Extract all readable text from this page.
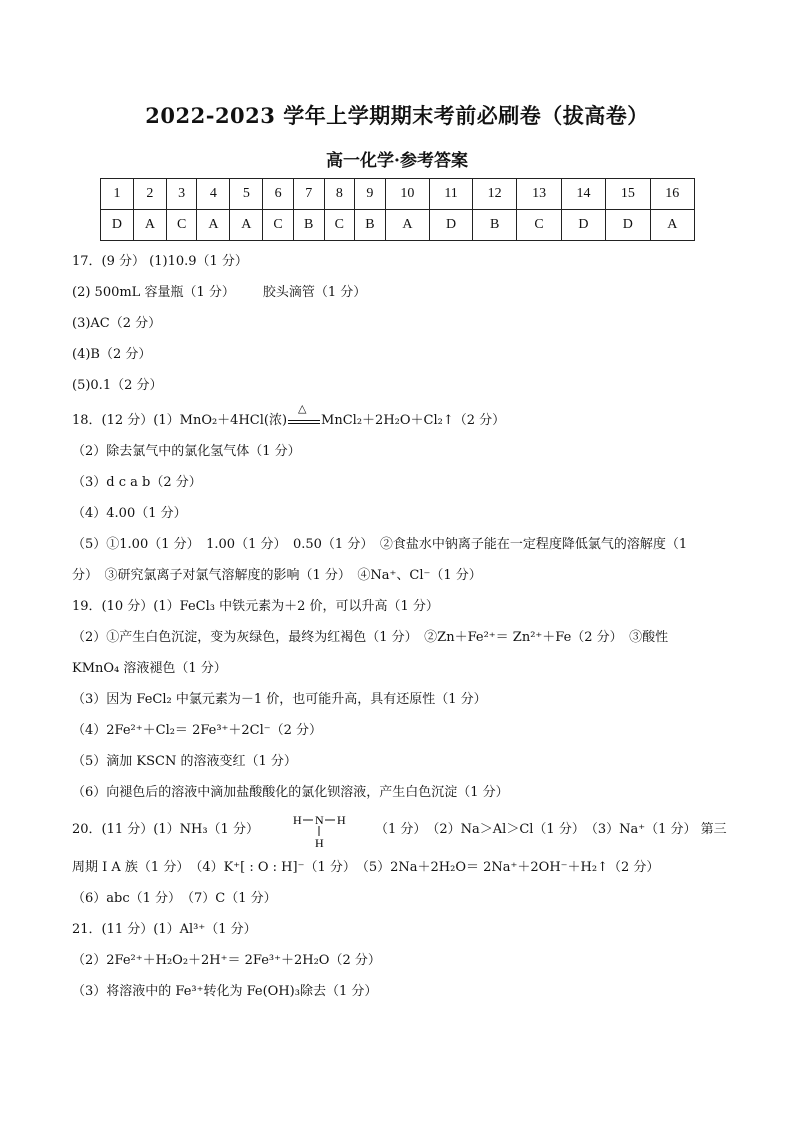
2022-2023 学年上学期期末考前必刷卷（拔高卷）
高一化学·参考答案
1	2	3	4	5	6	7	8	9	10	11	12	13	14	15	16
D	A	C	A	A	C	B	C	B	A	D	B	C	D	D	A
17．(9 分） (1)10.9（1 分）
(2) 500mL 容量瓶（1 分） 胶头滴管（1 分）
(3)AC（2 分）
(4)B（2 分）
(5)0.1（2 分）
18．(12 分）(1）MnO₂＋4HCl(浓)
△
MnCl₂＋2H₂O＋Cl₂↑（2 分）
（2）除去氯气中的氯化氢气体（1 分）
（3）d c a b（2 分）
（4）4.00（1 分）
（5）①1.00（1 分）　1.00（1 分）　0.50（1 分）　②食盐水中钠离子能在一定程度降低氯气的溶解度（1
分）　③研究氯离子对氯气溶解度的影响（1 分）　④Na⁺、Cl⁻（1 分）
19．(10 分）(1）FeCl₃ 中铁元素为＋2 价，可以升高（1 分）
（2）①产生白色沉淀，变为灰绿色，最终为红褐色（1 分）　②Zn＋Fe²⁺＝ Zn²⁺＋Fe（2 分）　③酸性
KMnO₄ 溶液褪色（1 分）
（3）因为 FeCl₂ 中氯元素为－1 价，也可能升高，具有还原性（1 分）
（4）2Fe²⁺＋Cl₂＝ 2Fe³⁺＋2Cl⁻（2 分）
（5）滴加 KSCN 的溶液变红（1 分）
（6）向褪色后的溶液中滴加盐酸酸化的氯化钡溶液，产生白色沉淀（1 分）
20．(11 分）(1）NH₃（1 分）
H N H
H
（1 分）　（2）Na＞Al＞Cl（1 分）　（3）Na⁺（1 分） 第三
周期 I A 族（1 分）　（4）K⁺[ : O : H]⁻（1 分）　（5）2Na＋2H₂O＝ 2Na⁺＋2OH⁻＋H₂↑（2 分）
（6）abc（1 分）　（7）C（1 分）
21．(11 分）(1）Al³⁺（1 分）
（2）2Fe²⁺＋H₂O₂＋2H⁺＝ 2Fe³⁺＋2H₂O（2 分）
（3）将溶液中的 Fe³⁺转化为 Fe(OH)₃除去（1 分）
